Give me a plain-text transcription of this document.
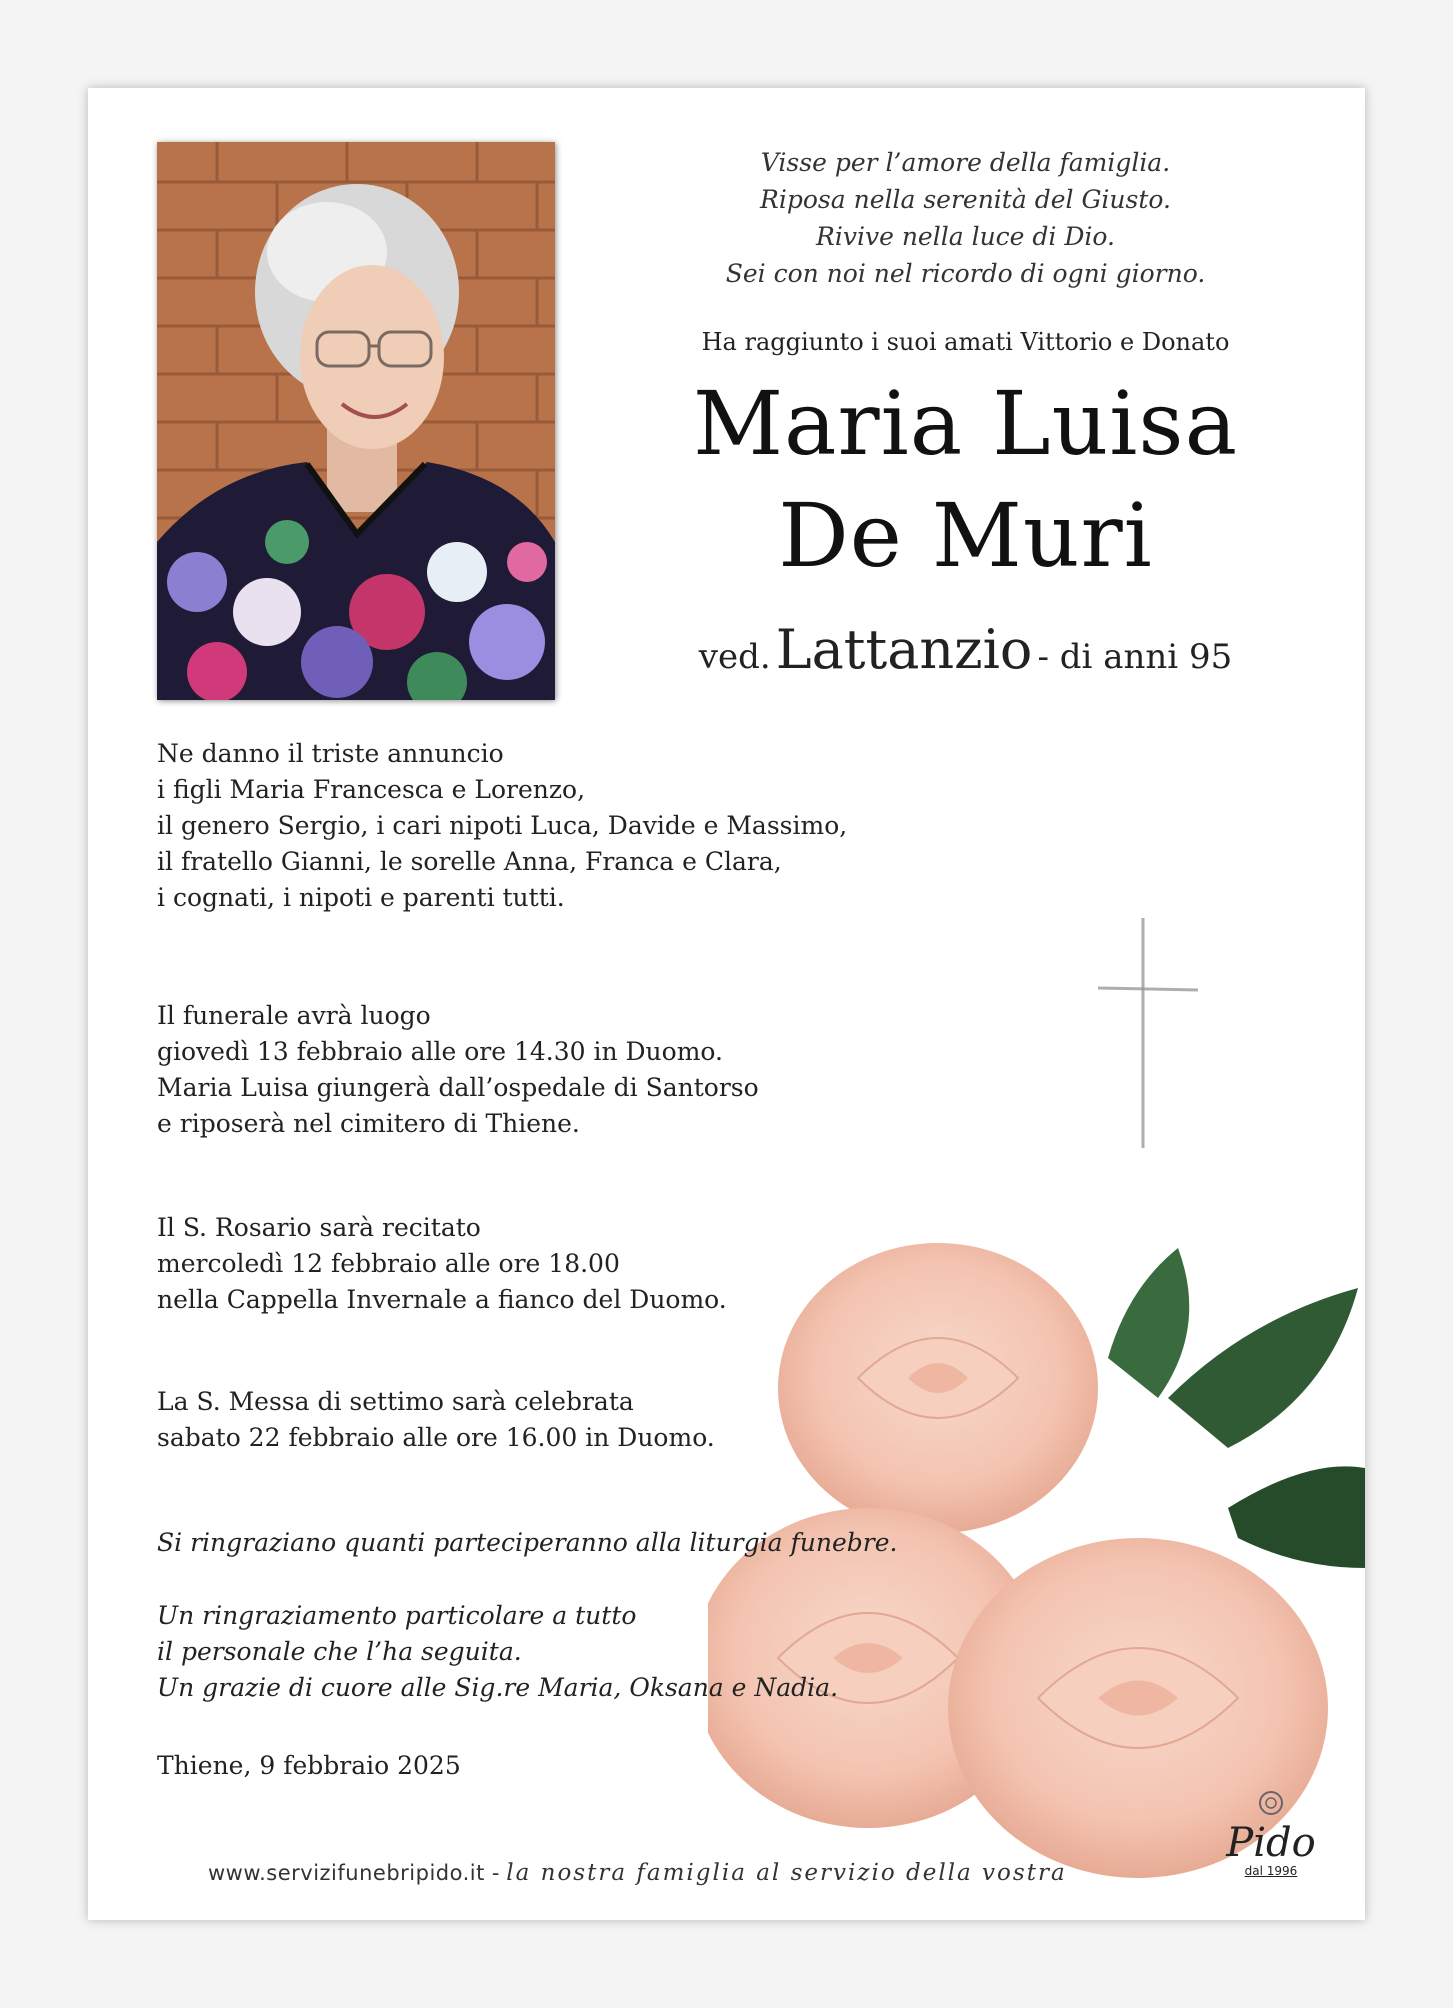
Visse per l’amore della famiglia.
Riposa nella serenità del Giusto.
Rivive nella luce di Dio.
Sei con noi nel ricordo di ogni giorno.
Ha raggiunto i suoi amati Vittorio e Donato
Maria Luisa
De Muri
ved. Lattanzio - di anni 95
Ne danno il triste annuncio
i figli Maria Francesca e Lorenzo,
il genero Sergio, i cari nipoti Luca, Davide e Massimo,
il fratello Gianni, le sorelle Anna, Franca e Clara,
i cognati, i nipoti e parenti tutti.
Il funerale avrà luogo
giovedì 13 febbraio alle ore 14.30 in Duomo.
Maria Luisa giungerà dall’ospedale di Santorso
e riposerà nel cimitero di Thiene.
Il S. Rosario sarà recitato
mercoledì 12 febbraio alle ore 18.00
nella Cappella Invernale a fianco del Duomo.
La S. Messa di settimo sarà celebrata
sabato 22 febbraio alle ore 16.00 in Duomo.
Si ringraziano quanti parteciperanno alla liturgia funebre.
Un ringraziamento particolare a tutto
il personale che l’ha seguita.
Un grazie di cuore alle Sig.re Maria, Oksana e Nadia.
Thiene, 9 febbraio 2025
www.servizifunebripido.it - la nostra famiglia al servizio della vostra
Pido
dal 1996
